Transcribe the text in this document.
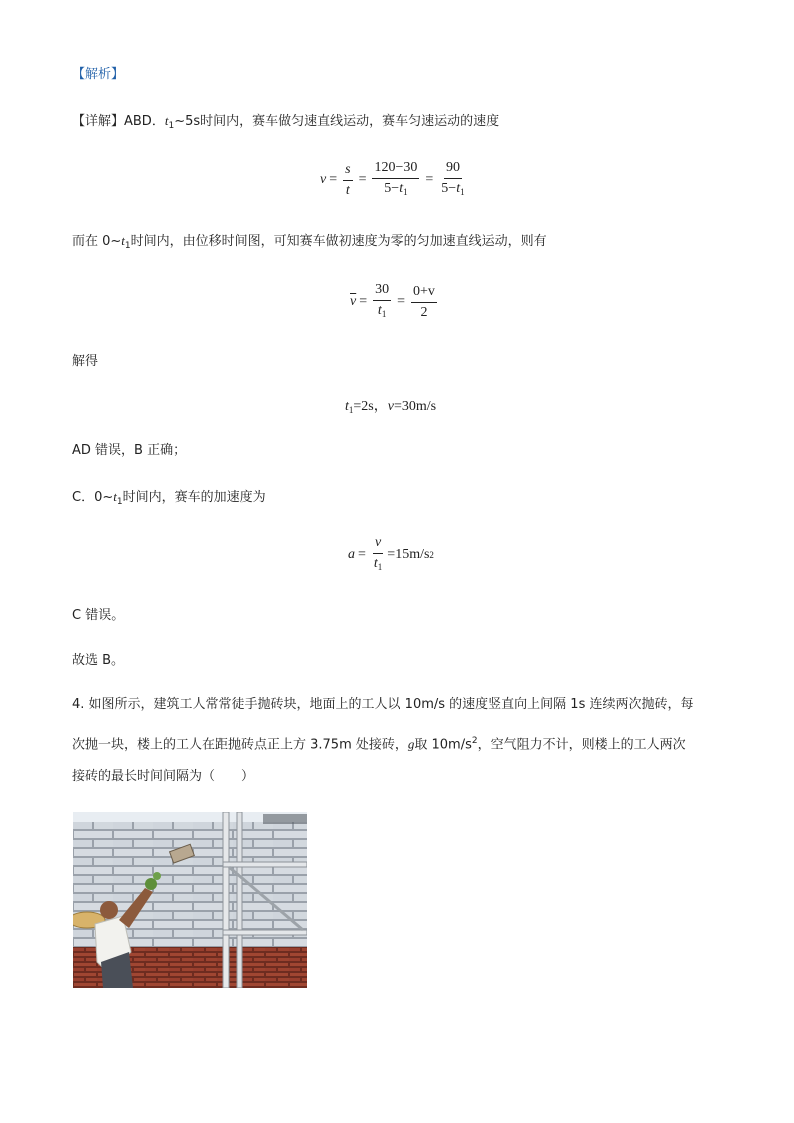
【解析】
【详解】ABD．$t_1\sim 5s$时间内，赛车做匀速直线运动，赛车匀速运动的速度
$v = \frac{s}{t} = \frac{120-30}{5-t_1} = \frac{90}{5-t_1}$
而在 $0\sim t_1$时间内，由位移时间图，可知赛车做初速度为零的匀加速直线运动，则有
$\overline{v} = \frac{30}{t_1} = \frac{0+v}{2}$
解得
$t_1=2s$，v=30m/s
AD 错误，B 正确；
C．$0\sim t_1$时间内，赛车的加速度为
$a = \frac{v}{t_1} =15m/s$ 2
C 错误。
故选 B。
4. 如图所示，建筑工人常常徒手抛砖块，地面上的工人以 10m/s 的速度竖直向上间隔 1s 连续两次抛砖，每
次抛一块，楼上的工人在距抛砖点正上方 3.75m 处接砖，g取 $10m/s^2$，空气阻力不计，则楼上的工人两次
接砖的最长时间间隔为（　　）
